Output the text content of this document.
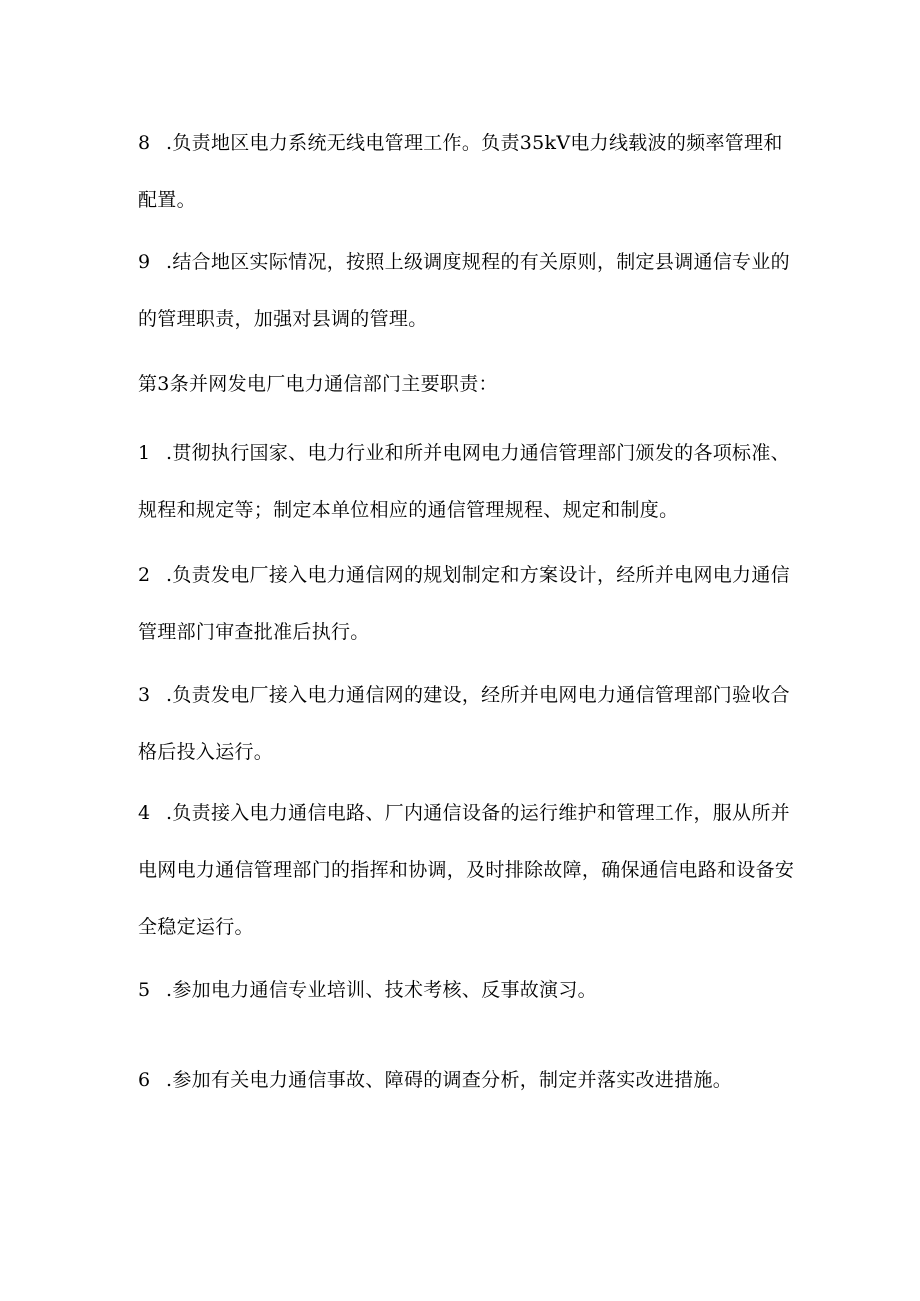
8 .负责地区电力系统无线电管理工作。负责35kV电力线载波的频率管理和配置。

9 .结合地区实际情况，按照上级调度规程的有关原则，制定县调通信专业的的管理职责，加强对县调的管理。

第3条并网发电厂电力通信部门主要职责：

1 .贯彻执行国家、电力行业和所并电网电力通信管理部门颁发的各项标准、规程和规定等；制定本单位相应的通信管理规程、规定和制度。

2 .负责发电厂接入电力通信网的规划制定和方案设计，经所并电网电力通信管理部门审查批准后执行。

3 .负责发电厂接入电力通信网的建设，经所并电网电力通信管理部门验收合格后投入运行。

4 .负责接入电力通信电路、厂内通信设备的运行维护和管理工作，服从所并电网电力通信管理部门的指挥和协调，及时排除故障，确保通信电路和设备安全稳定运行。

5 .参加电力通信专业培训、技术考核、反事故演习。

6 .参加有关电力通信事故、障碍的调查分析，制定并落实改进措施。
